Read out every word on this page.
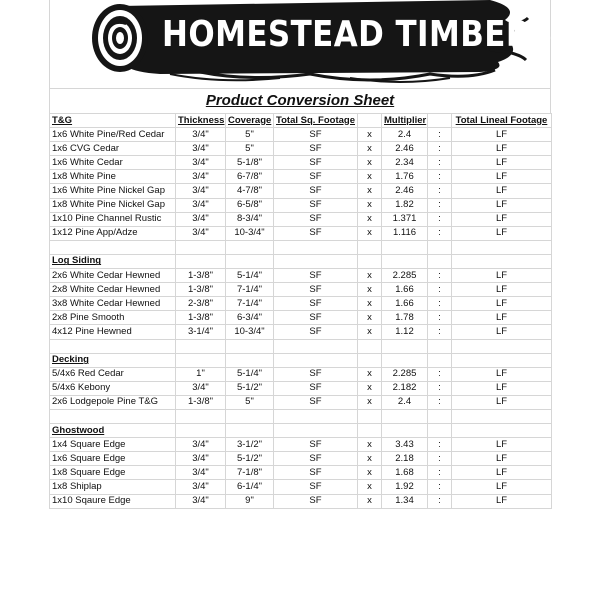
HOMESTEAD TIMBERS
Product Conversion Sheet
T&G	Thickness	Coverage	Total Sq. Footage		Multiplier		Total Lineal Footage
1x6 White Pine/Red Cedar	3/4"	5"	SF	x	2.4	:	LF
1x6 CVG Cedar	3/4"	5"	SF	x	2.46	:	LF
1x6 White Cedar	3/4"	5-1/8"	SF	x	2.34	:	LF
1x8 White Pine	3/4"	6-7/8"	SF	x	1.76	:	LF
1x6 White Pine Nickel Gap	3/4"	4-7/8"	SF	x	2.46	:	LF
1x8 White Pine Nickel Gap	3/4"	6-5/8"	SF	x	1.82	:	LF
1x10 Pine Channel Rustic	3/4"	8-3/4"	SF	x	1.371	:	LF
1x12 Pine App/Adze	3/4"	10-3/4"	SF	x	1.116	:	LF

Log Siding							
2x6 White Cedar Hewned	1-3/8"	5-1/4"	SF	x	2.285	:	LF
2x8 White Cedar Hewned	1-3/8"	7-1/4"	SF	x	1.66	:	LF
3x8 White Cedar Hewned	2-3/8"	7-1/4"	SF	x	1.66	:	LF
2x8 Pine Smooth	1-3/8"	6-3/4"	SF	x	1.78	:	LF
4x12 Pine Hewned	3-1/4"	10-3/4"	SF	x	1.12	:	LF

Decking							
5/4x6 Red Cedar	1"	5-1/4"	SF	x	2.285	:	LF
5/4x6 Kebony	3/4"	5-1/2"	SF	x	2.182	:	LF
2x6 Lodgepole Pine T&G	1-3/8"	5"	SF	x	2.4	:	LF

Ghostwood							
1x4 Square Edge	3/4"	3-1/2"	SF	x	3.43	:	LF
1x6 Square Edge	3/4"	5-1/2"	SF	x	2.18	:	LF
1x8 Square Edge	3/4"	7-1/8"	SF	x	1.68	:	LF
1x8 Shiplap	3/4"	6-1/4"	SF	x	1.92	:	LF
1x10 Sqaure Edge	3/4"	9"	SF	x	1.34	:	LF
